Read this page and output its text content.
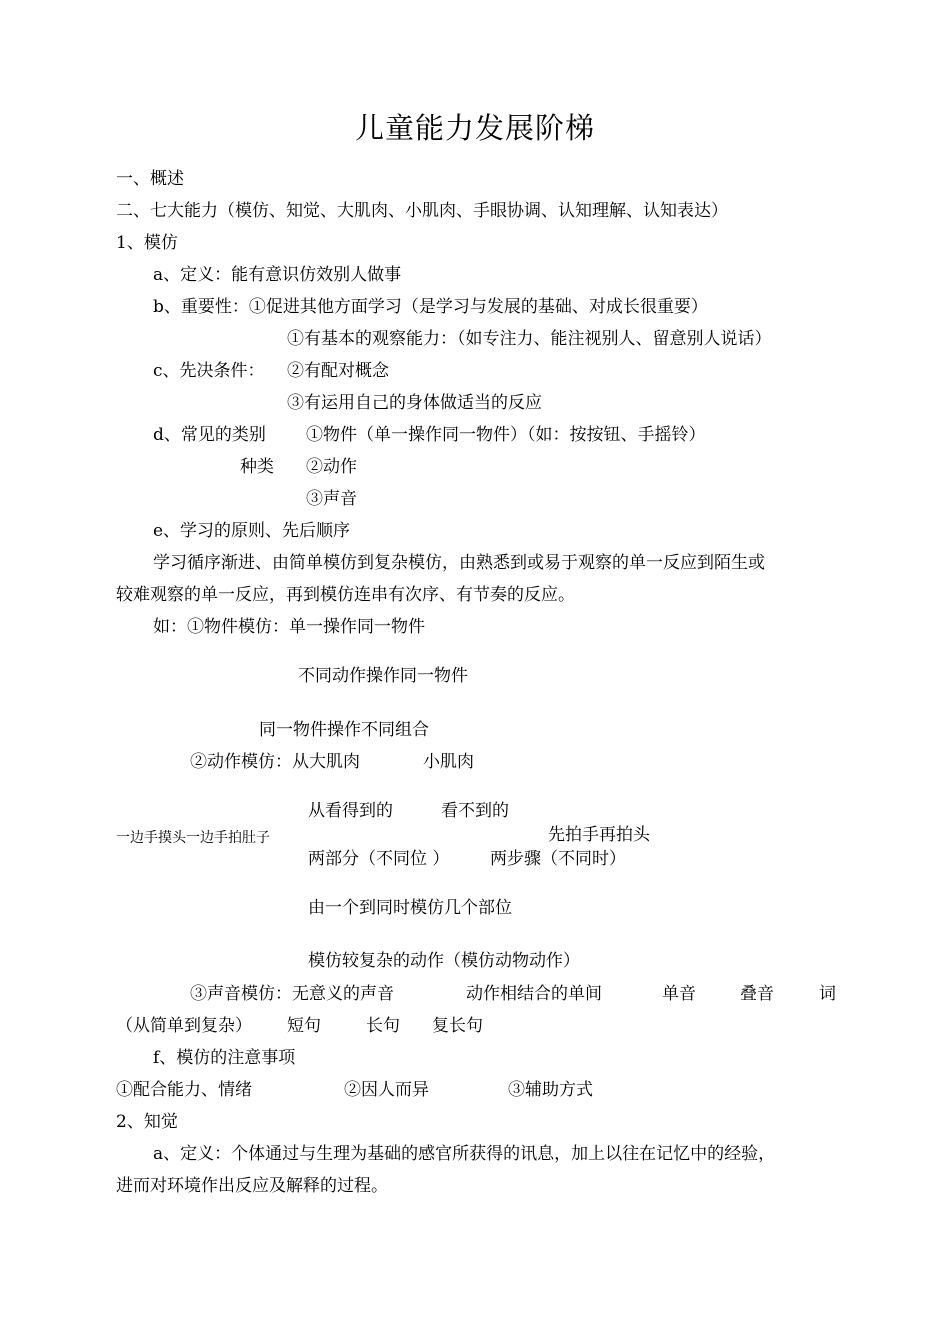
儿童能力发展阶梯
一、概述
二、七大能力（模仿、知觉、大肌肉、小肌肉、手眼协调、认知理解、认知表达）
1、模仿
a、定义：能有意识仿效别人做事
b、重要性：①促进其他方面学习（是学习与发展的基础、对成长很重要）
①有基本的观察能力：（如专注力、能注视别人、留意别人说话）
c、先决条件： ②有配对概念
③有运用自己的身体做适当的反应
d、常见的类别 ①物件（单一操作同一物件）（如：按按钮、手摇铃）
种类 ②动作
③声音
e、学习的原则、先后顺序
学习循序渐进、由简单模仿到复杂模仿，由熟悉到或易于观察的单一反应到陌生或
较难观察的单一反应，再到模仿连串有次序、有节奏的反应。
如：①物件模仿：单一操作同一物件
不同动作操作同一物件
同一物件操作不同组合
②动作模仿：从大肌肉	小肌肉
从看得到的	看不到的
一边手摸头一边手拍肚子	先拍手再拍头
两部分（不同位 ） 两步骤（不同时）
由一个到同时模仿几个部位
模仿较复杂的动作（模仿动物动作）
③声音模仿：无意义的声音	动作相结合的单间	单音	叠音	词
（从简单到复杂） 短句	长句 复长句
f、模仿的注意事项
①配合能力、情绪	②因人而异	③辅助方式
2、知觉
a、定义：个体通过与生理为基础的感官所获得的讯息，加上以往在记忆中的经验，
进而对环境作出反应及解释的过程。
